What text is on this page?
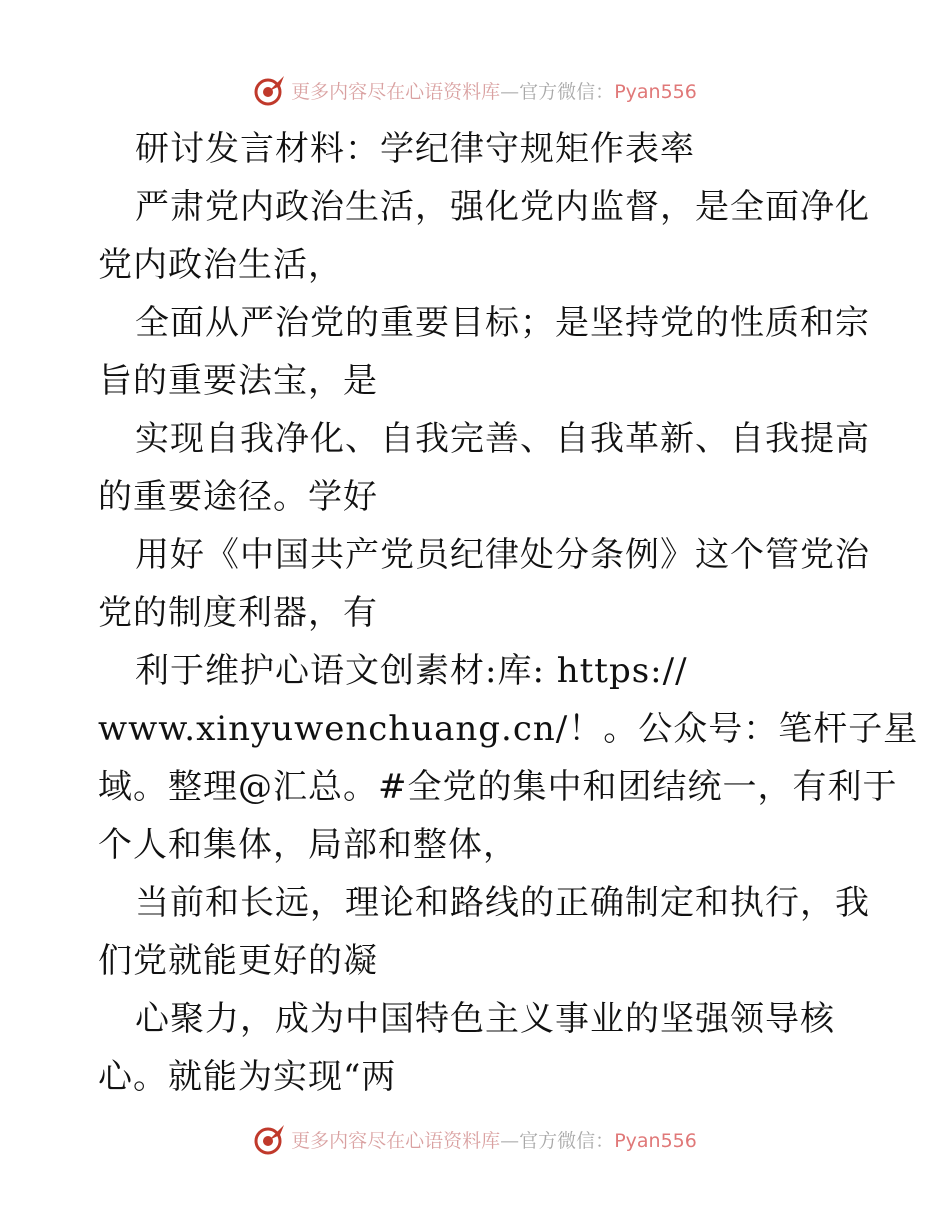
更多内容尽在心语资料库—官方微信：Pyan556
研讨发言材料：学纪律守规矩作表率
严肃党内政治生活，强化党内监督，是全面净化
党内政治生活，
全面从严治党的重要目标；是坚持党的性质和宗
旨的重要法宝，是
实现自我净化、自我完善、自我革新、自我提高
的重要途径。学好
用好《中国共产党员纪律处分条例》这个管党治
党的制度利器，有
利于维护心语文创素材:库: https://
www.xinyuwenchuang.cn/！。公众号：笔杆子星
域。整理@汇总。#全党的集中和团结统一，有利于
个人和集体，局部和整体，
当前和长远，理论和路线的正确制定和执行，我
们党就能更好的凝
心聚力，成为中国特色主义事业的坚强领导核
心。就能为实现“两
更多内容尽在心语资料库—官方微信：Pyan556
